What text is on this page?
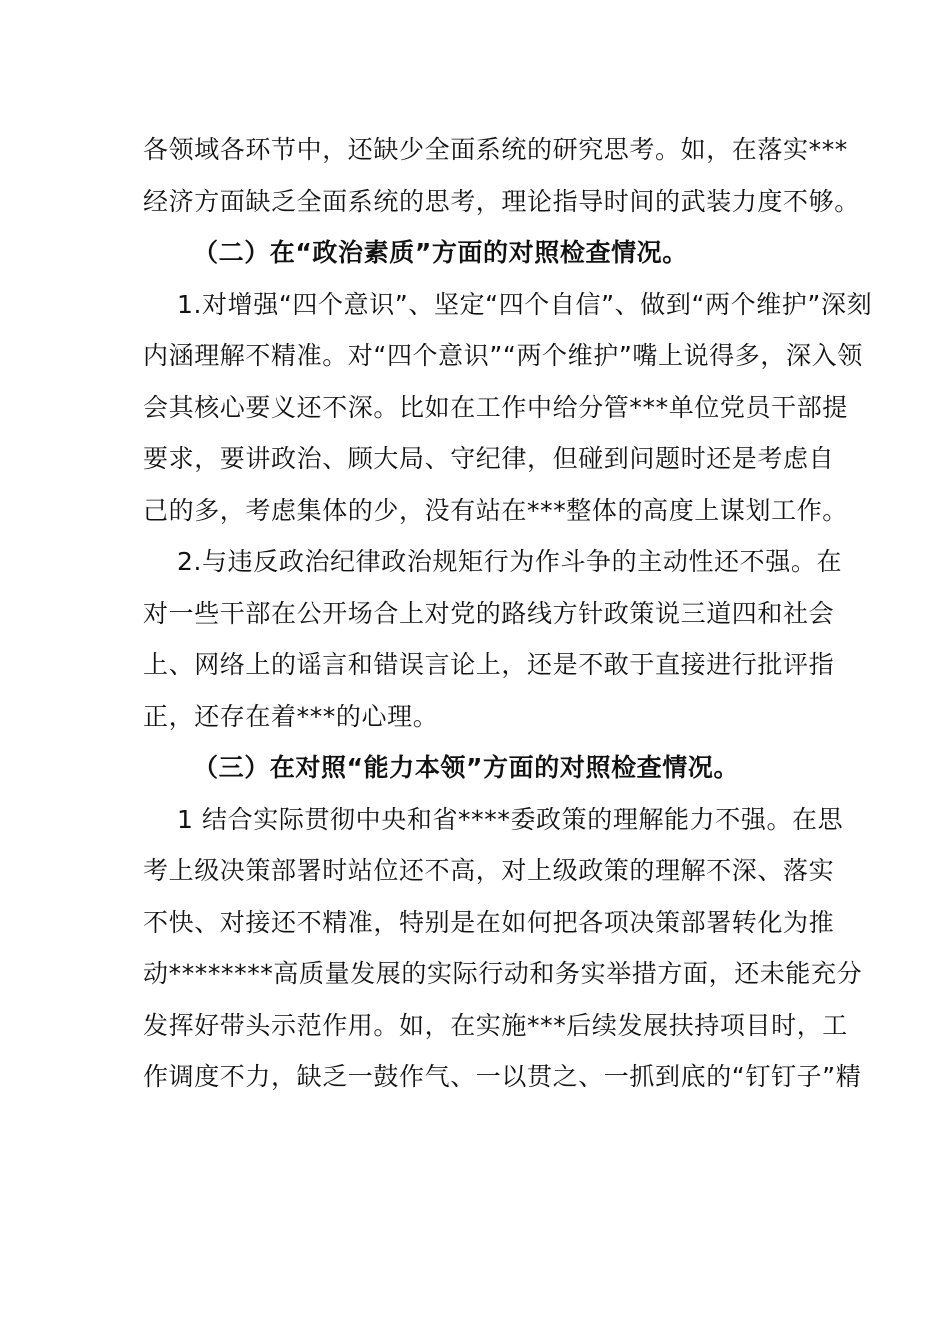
各领域各环节中，还缺少全面系统的研究思考。如，在落实***
经济方面缺乏全面系统的思考，理论指导时间的武装力度不够。
（二）在“政治素质”方面的对照检查情况。
1.对增强“四个意识”、坚定“四个自信”、做到“两个维护”深刻
内涵理解不精准。对“四个意识”“两个维护”嘴上说得多，深入领
会其核心要义还不深。比如在工作中给分管***单位党员干部提
要求，要讲政治、顾大局、守纪律，但碰到问题时还是考虑自
己的多，考虑集体的少，没有站在***整体的高度上谋划工作。
2.与违反政治纪律政治规矩行为作斗争的主动性还不强。在
对一些干部在公开场合上对党的路线方针政策说三道四和社会
上、网络上的谣言和错误言论上，还是不敢于直接进行批评指
正，还存在着***的心理。
（三）在对照“能力本领”方面的对照检查情况。
1 结合实际贯彻中央和省****委政策的理解能力不强。在思
考上级决策部署时站位还不高，对上级政策的理解不深、落实
不快、对接还不精准，特别是在如何把各项决策部署转化为推
动********高质量发展的实际行动和务实举措方面，还未能充分
发挥好带头示范作用。如，在实施***后续发展扶持项目时，工
作调度不力，缺乏一鼓作气、一以贯之、一抓到底的“钉钉子”精
